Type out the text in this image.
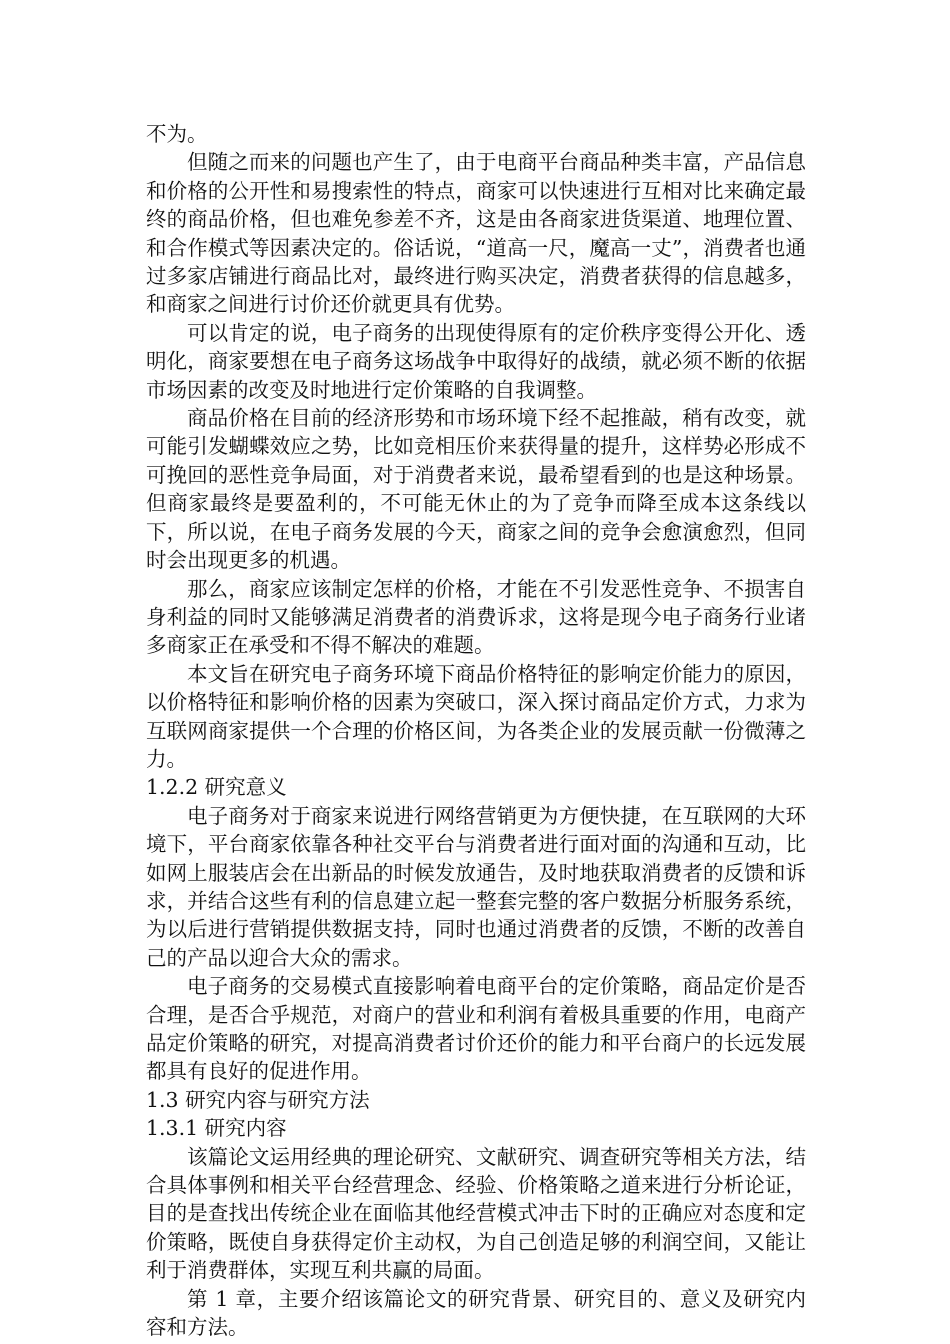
不为。

但随之而来的问题也产生了，由于电商平台商品种类丰富，产品信息和价格的公开性和易搜索性的特点，商家可以快速进行互相对比来确定最终的商品价格，但也难免参差不齐，这是由各商家进货渠道、地理位置、和合作模式等因素决定的。俗话说，“道高一尺，魔高一丈”，消费者也通过多家店铺进行商品比对，最终进行购买决定，消费者获得的信息越多，和商家之间进行讨价还价就更具有优势。

可以肯定的说，电子商务的出现使得原有的定价秩序变得公开化、透明化，商家要想在电子商务这场战争中取得好的战绩，就必须不断的依据市场因素的改变及时地进行定价策略的自我调整。

商品价格在目前的经济形势和市场环境下经不起推敲，稍有改变，就可能引发蝴蝶效应之势，比如竞相压价来获得量的提升，这样势必形成不可挽回的恶性竞争局面，对于消费者来说，最希望看到的也是这种场景。但商家最终是要盈利的，不可能无休止的为了竞争而降至成本这条线以下，所以说，在电子商务发展的今天，商家之间的竞争会愈演愈烈，但同时会出现更多的机遇。

那么，商家应该制定怎样的价格，才能在不引发恶性竞争、不损害自身利益的同时又能够满足消费者的消费诉求，这将是现今电子商务行业诸多商家正在承受和不得不解决的难题。

本文旨在研究电子商务环境下商品价格特征的影响定价能力的原因，以价格特征和影响价格的因素为突破口，深入探讨商品定价方式，力求为互联网商家提供一个合理的价格区间，为各类企业的发展贡献一份微薄之力。

1.2.2 研究意义

电子商务对于商家来说进行网络营销更为方便快捷，在互联网的大环境下，平台商家依靠各种社交平台与消费者进行面对面的沟通和互动，比如网上服装店会在出新品的时候发放通告，及时地获取消费者的反馈和诉求，并结合这些有利的信息建立起一整套完整的客户数据分析服务系统，为以后进行营销提供数据支持，同时也通过消费者的反馈，不断的改善自己的产品以迎合大众的需求。

电子商务的交易模式直接影响着电商平台的定价策略，商品定价是否合理，是否合乎规范，对商户的营业和利润有着极具重要的作用，电商产品定价策略的研究，对提高消费者讨价还价的能力和平台商户的长远发展都具有良好的促进作用。

1.3 研究内容与研究方法

1.3.1 研究内容

该篇论文运用经典的理论研究、文献研究、调查研究等相关方法，结合具体事例和相关平台经营理念、经验、价格策略之道来进行分析论证，目的是查找出传统企业在面临其他经营模式冲击下时的正确应对态度和定价策略，既使自身获得定价主动权，为自己创造足够的利润空间，又能让利于消费群体，实现互利共赢的局面。

第 1 章，主要介绍该篇论文的研究背景、研究目的、意义及研究内容和方法。
